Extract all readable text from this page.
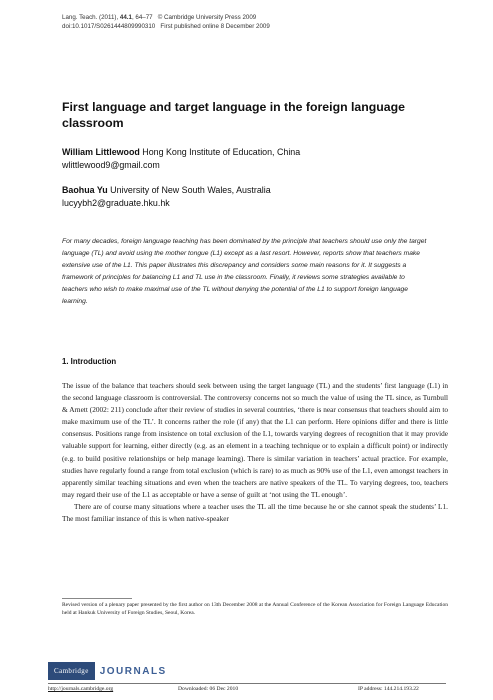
Lang. Teach. (2011), 44.1, 64–77 © Cambridge University Press 2009
doi:10.1017/S0261444809990310 First published online 8 December 2009
First language and target language in the foreign language classroom
William Littlewood Hong Kong Institute of Education, China
wlittlewood9@gmail.com
Baohua Yu University of New South Wales, Australia
lucyybh2@graduate.hku.hk
For many decades, foreign language teaching has been dominated by the principle that teachers should use only the target language (TL) and avoid using the mother tongue (L1) except as a last resort. However, reports show that teachers make extensive use of the L1. This paper illustrates this discrepancy and considers some main reasons for it. It suggests a framework of principles for balancing L1 and TL use in the classroom. Finally, it reviews some strategies available to teachers who wish to make maximal use of the TL without denying the potential of the L1 to support foreign language learning.
1. Introduction

The issue of the balance that teachers should seek between using the target language (TL) and the students’ first language (L1) in the second language classroom is controversial. The controversy concerns not so much the value of using the TL since, as Turnbull & Arnett (2002: 211) conclude after their review of studies in several countries, ‘there is near consensus that teachers should aim to make maximum use of the TL’. It concerns rather the role (if any) that the L1 can perform. Here opinions differ and there is little consensus. Positions range from insistence on total exclusion of the L1, towards varying degrees of recognition that it may provide valuable support for learning, either directly (e.g. as an element in a teaching technique or to explain a difficult point) or indirectly (e.g. to build positive relationships or help manage learning). There is similar variation in teachers’ actual practice. For example, studies have regularly found a range from total exclusion (which is rare) to as much as 90% use of the L1, even amongst teachers in apparently similar teaching situations and even when the teachers are native speakers of the TL. To varying degrees, too, teachers may regard their use of the L1 as acceptable or have a sense of guilt at ‘not using the TL enough’.

There are of course many situations where a teacher uses the TL all the time because he or she cannot speak the students’ L1. The most familiar instance of this is when native-speaker

Revised version of a plenary paper presented by the first author on 13th December 2008 at the Annual Conference of the Korean Association for Foreign Language Education held at Hankuk University of Foreign Studies, Seoul, Korea.
Cambridge	JOURNALS
http://journals.cambridge.org	Downloaded: 06 Dec 2010	IP address: 144.214.193.22
